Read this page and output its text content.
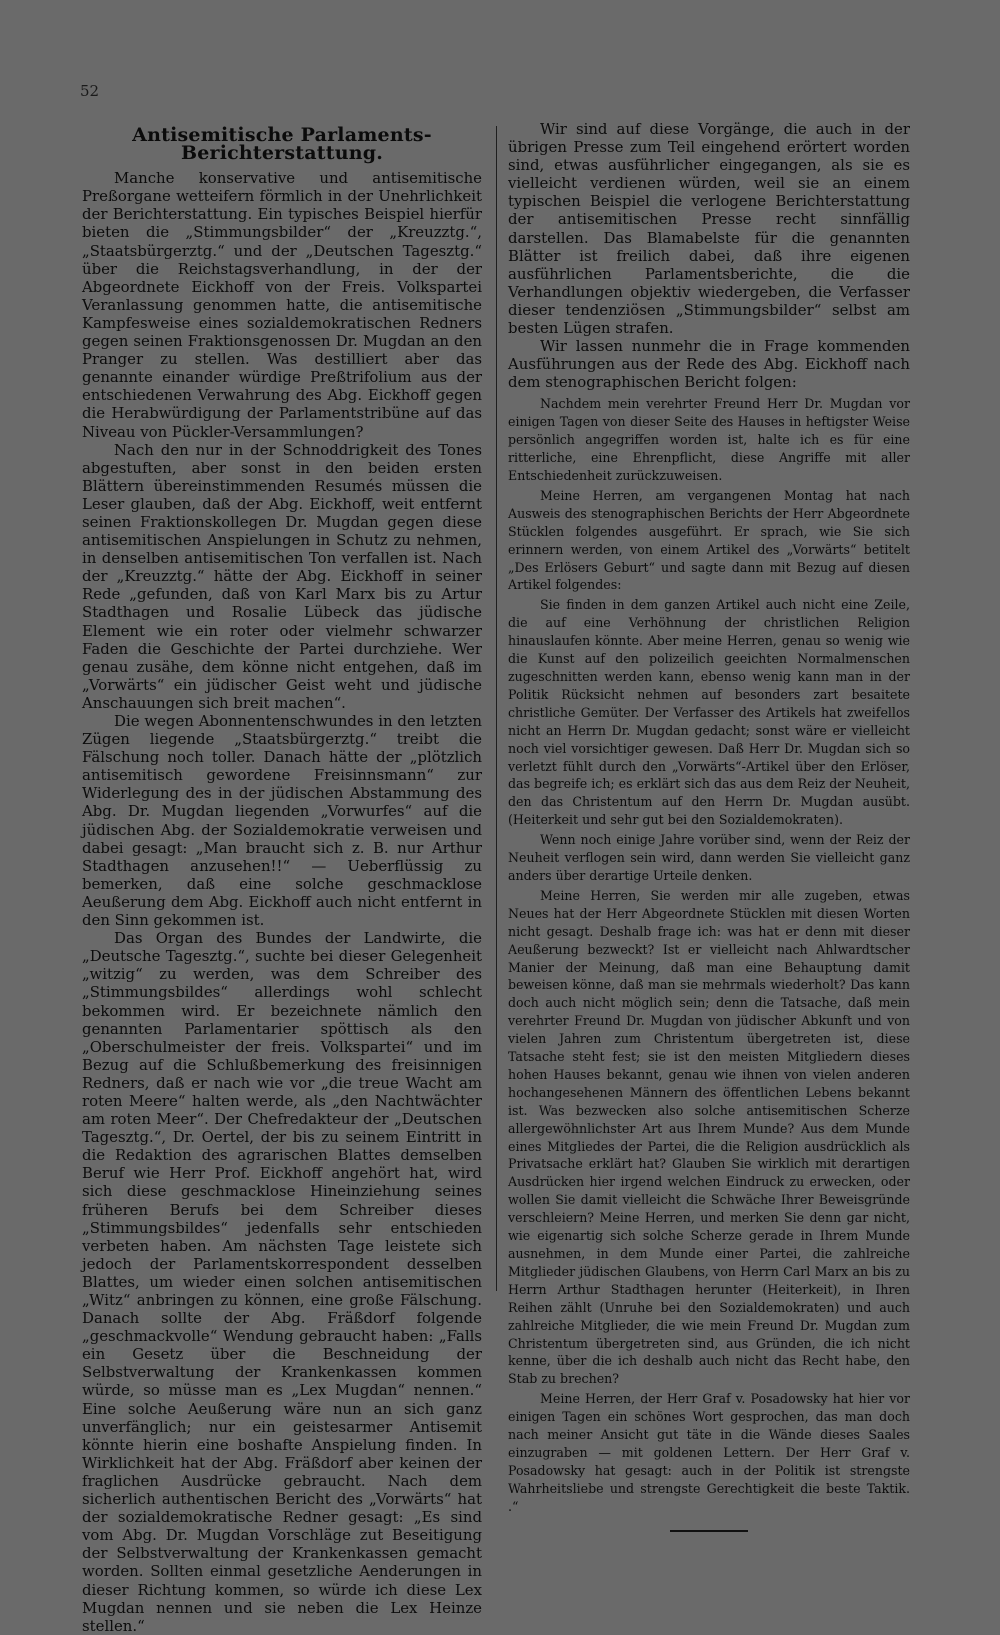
52
Antisemitische Parlaments-Berichterstattung.

Manche konservative und antisemitische Preßorgane wetteifern förmlich in der Unehrlichkeit der Berichterstattung. Ein typisches Beispiel hierfür bieten die „Stimmungsbilder“ der „Kreuzztg.“, „Staatsbürgerztg.“ und der „Deutschen Tagesztg.“ über die Reichstagsverhandlung, in der der Abgeordnete Eickhoff von der Freis. Volkspartei Veranlassung genommen hatte, die antisemitische Kampfesweise eines sozialdemokratischen Redners gegen seinen Fraktionsgenossen Dr. Mugdan an den Pranger zu stellen. Was destilliert aber das genannte einander würdige Preßtrifolium aus der entschiedenen Verwahrung des Abg. Eickhoff gegen die Herabwürdigung der Parlamentstribüne auf das Niveau von Pückler-Versammlungen?

Nach den nur in der Schnoddrigkeit des Tones abgestuften, aber sonst in den beiden ersten Blättern übereinstimmenden Resumés müssen die Leser glauben, daß der Abg. Eickhoff, weit entfernt seinen Fraktionskollegen Dr. Mugdan gegen diese antisemitischen Anspielungen in Schutz zu nehmen, in denselben antisemitischen Ton verfallen ist. Nach der „Kreuzztg.“ hätte der Abg. Eickhoff in seiner Rede „gefunden, daß von Karl Marx bis zu Artur Stadthagen und Rosalie Lübeck das jüdische Element wie ein roter oder vielmehr schwarzer Faden die Geschichte der Partei durchziehe. Wer genau zusähe, dem könne nicht entgehen, daß im „Vorwärts“ ein jüdischer Geist weht und jüdische Anschauungen sich breit machen“.

Die wegen Abonnentenschwundes in den letzten Zügen liegende „Staatsbürgerztg.“ treibt die Fälschung noch toller. Danach hätte der „plötzlich antisemitisch gewordene Freisinnsmann“ zur Widerlegung des in der jüdischen Abstammung des Abg. Dr. Mugdan liegenden „Vorwurfes“ auf die jüdischen Abg. der Sozialdemokratie verweisen und dabei gesagt: „Man braucht sich z. B. nur Arthur Stadthagen anzusehen!!“ — Ueberflüssig zu bemerken, daß eine solche geschmacklose Aeußerung dem Abg. Eickhoff auch nicht entfernt in den Sinn gekommen ist.

Das Organ des Bundes der Landwirte, die „Deutsche Tagesztg.“, suchte bei dieser Gelegenheit „witzig“ zu werden, was dem Schreiber des „Stimmungsbildes“ allerdings wohl schlecht bekommen wird. Er bezeichnete nämlich den genannten Parlamentarier spöttisch als den „Oberschulmeister der freis. Volkspartei“ und im Bezug auf die Schlußbemerkung des freisinnigen Redners, daß er nach wie vor „die treue Wacht am roten Meere“ halten werde, als „den Nachtwächter am roten Meer“. Der Chefredakteur der „Deutschen Tagesztg.“, Dr. Oertel, der bis zu seinem Eintritt in die Redaktion des agrarischen Blattes demselben Beruf wie Herr Prof. Eickhoff angehört hat, wird sich diese geschmacklose Hineinziehung seines früheren Berufs bei dem Schreiber dieses „Stimmungsbildes“ jedenfalls sehr entschieden verbeten haben. Am nächsten Tage leistete sich jedoch der Parlamentskorrespondent desselben Blattes, um wieder einen solchen antisemitischen „Witz“ anbringen zu können, eine große Fälschung. Danach sollte der Abg. Fräßdorf folgende „geschmackvolle“ Wendung gebraucht haben: „Falls ein Gesetz über die Beschneidung der Selbstverwaltung der Krankenkassen kommen würde, so müsse man es „Lex Mugdan“ nennen.“ Eine solche Aeußerung wäre nun an sich ganz unverfänglich; nur ein geistesarmer Antisemit könnte hierin eine boshafte Anspielung finden. In Wirklichkeit hat der Abg. Fräßdorf aber keinen der fraglichen Ausdrücke gebraucht. Nach dem sicherlich authentischen Bericht des „Vorwärts“ hat der sozialdemokratische Redner gesagt: „Es sind vom Abg. Dr. Mugdan Vorschläge zut Beseitigung der Selbstverwaltung der Krankenkassen gemacht worden. Sollten einmal gesetzliche Aenderungen in dieser Richtung kommen, so würde ich diese Lex Mugdan nennen und sie neben die Lex Heinze stellen.“

Wir sind auf diese Vorgänge, die auch in der übrigen Presse zum Teil eingehend erörtert worden sind, etwas ausführlicher eingegangen, als sie es vielleicht verdienen würden, weil sie an einem typischen Beispiel die verlogene Berichterstattung der antisemitischen Presse recht sinnfällig darstellen. Das Blamabelste für die genannten Blätter ist freilich dabei, daß ihre eigenen ausführlichen Parlamentsberichte, die die Verhandlungen objektiv wiedergeben, die Verfasser dieser tendenziösen „Stimmungsbilder“ selbst am besten Lügen strafen.

Wir lassen nunmehr die in Frage kommenden Ausführungen aus der Rede des Abg. Eickhoff nach dem stenographischen Bericht folgen:

Nachdem mein verehrter Freund Herr Dr. Mugdan vor einigen Tagen von dieser Seite des Hauses in heftigster Weise persönlich angegriffen worden ist, halte ich es für eine ritterliche, eine Ehrenpflicht, diese Angriffe mit aller Entschiedenheit zurückzuweisen.

Meine Herren, am vergangenen Montag hat nach Ausweis des stenographischen Berichts der Herr Abgeordnete Stücklen folgendes ausgeführt. Er sprach, wie Sie sich erinnern werden, von einem Artikel des „Vorwärts“ betitelt „Des Erlösers Geburt“ und sagte dann mit Bezug auf diesen Artikel folgendes:

Sie finden in dem ganzen Artikel auch nicht eine Zeile, die auf eine Verhöhnung der christlichen Religion hinauslaufen könnte. Aber meine Herren, genau so wenig wie die Kunst auf den polizeilich geeichten Normalmenschen zugeschnitten werden kann, ebenso wenig kann man in der Politik Rücksicht nehmen auf besonders zart besaitete christliche Gemüter. Der Verfasser des Artikels hat zweifellos nicht an Herrn Dr. Mugdan gedacht; sonst wäre er vielleicht noch viel vorsichtiger gewesen. Daß Herr Dr. Mugdan sich so verletzt fühlt durch den „Vorwärts“-Artikel über den Erlöser, das begreife ich; es erklärt sich das aus dem Reiz der Neuheit, den das Christentum auf den Herrn Dr. Mugdan ausübt. (Heiterkeit und sehr gut bei den Sozialdemokraten).

Wenn noch einige Jahre vorüber sind, wenn der Reiz der Neuheit verflogen sein wird, dann werden Sie vielleicht ganz anders über derartige Urteile denken.

Meine Herren, Sie werden mir alle zugeben, etwas Neues hat der Herr Abgeordnete Stücklen mit diesen Worten nicht gesagt. Deshalb frage ich: was hat er denn mit dieser Aeußerung bezweckt? Ist er vielleicht nach Ahlwardtscher Manier der Meinung, daß man eine Behauptung damit beweisen könne, daß man sie mehrmals wiederholt? Das kann doch auch nicht möglich sein; denn die Tatsache, daß mein verehrter Freund Dr. Mugdan von jüdischer Abkunft und von vielen Jahren zum Christentum übergetreten ist, diese Tatsache steht fest; sie ist den meisten Mitgliedern dieses hohen Hauses bekannt, genau wie ihnen von vielen anderen hochangesehenen Männern des öffentlichen Lebens bekannt ist. Was bezwecken also solche antisemitischen Scherze allergewöhnlichster Art aus Ihrem Munde? Aus dem Munde eines Mitgliedes der Partei, die die Religion ausdrücklich als Privatsache erklärt hat? Glauben Sie wirklich mit derartigen Ausdrücken hier irgend welchen Eindruck zu erwecken, oder wollen Sie damit vielleicht die Schwäche Ihrer Beweisgründe verschleiern? Meine Herren, und merken Sie denn gar nicht, wie eigenartig sich solche Scherze gerade in Ihrem Munde ausnehmen, in dem Munde einer Partei, die zahlreiche Mitglieder jüdischen Glaubens, von Herrn Carl Marx an bis zu Herrn Arthur Stadthagen herunter (Heiterkeit), in Ihren Reihen zählt (Unruhe bei den Sozialdemokraten) und auch zahlreiche Mitglieder, die wie mein Freund Dr. Mugdan zum Christentum übergetreten sind, aus Gründen, die ich nicht kenne, über die ich deshalb auch nicht das Recht habe, den Stab zu brechen?

Meine Herren, der Herr Graf v. Posadowsky hat hier vor einigen Tagen ein schönes Wort gesprochen, das man doch nach meiner Ansicht gut täte in die Wände dieses Saales einzugraben — mit goldenen Lettern. Der Herr Graf v. Posadowsky hat gesagt: auch in der Politik ist strengste Wahrheitsliebe und strengste Gerechtigkeit die beste Taktik. .“
